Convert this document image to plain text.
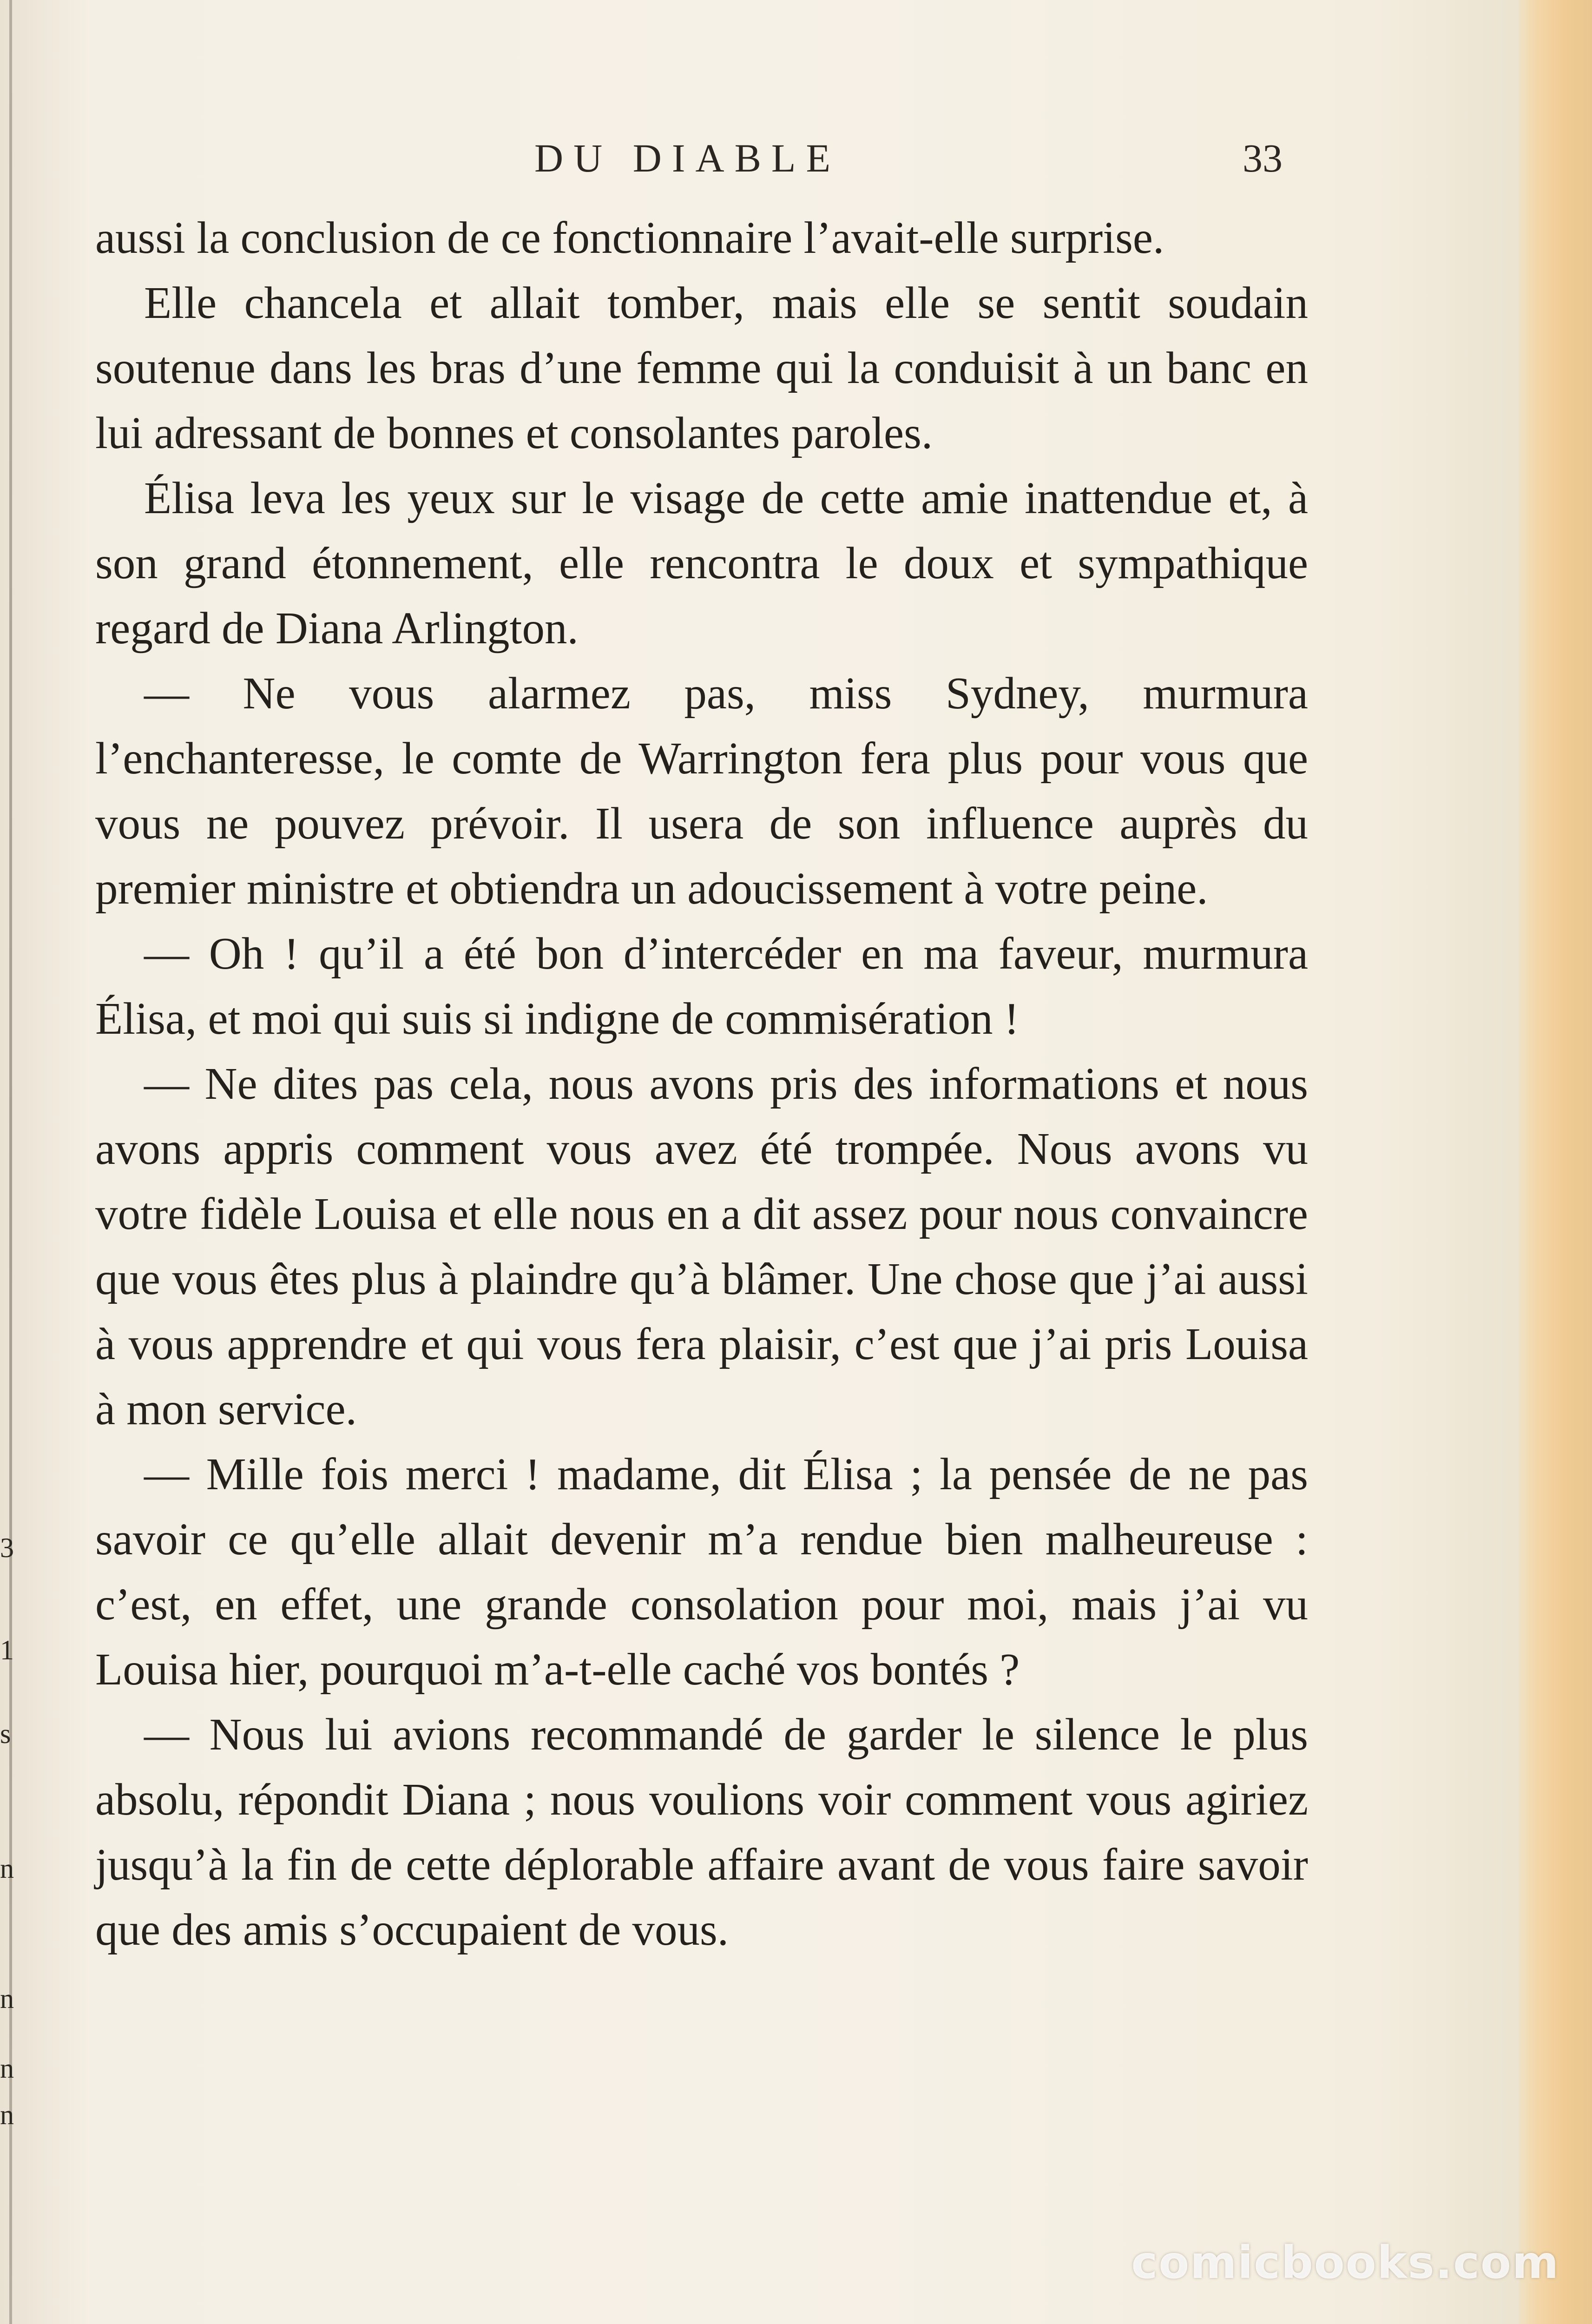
3
1
s
n
n
n
n
DU DIABLE	33

aussi la conclusion de ce fonctionnaire l’avait-elle surprise.

Elle chancela et allait tomber, mais elle se sentit soudain soutenue dans les bras d’une femme qui la conduisit à un banc en lui adressant de bonnes et consolantes paroles.

Élisa leva les yeux sur le visage de cette amie inattendue et, à son grand étonnement, elle rencontra le doux et sympathique regard de Diana Arlington.

— Ne vous alarmez pas, miss Sydney, murmura l’enchanteresse, le comte de Warrington fera plus pour vous que vous ne pouvez prévoir. Il usera de son influence auprès du premier ministre et obtiendra un adoucissement à votre peine.

— Oh ! qu’il a été bon d’intercéder en ma faveur, murmura Élisa, et moi qui suis si indigne de commisération !

— Ne dites pas cela, nous avons pris des informations et nous avons appris comment vous avez été trompée. Nous avons vu votre fidèle Louisa et elle nous en a dit assez pour nous convaincre que vous êtes plus à plaindre qu’à blâmer. Une chose que j’ai aussi à vous apprendre et qui vous fera plaisir, c’est que j’ai pris Louisa à mon service.

— Mille fois merci ! madame, dit Élisa ; la pensée de ne pas savoir ce qu’elle allait devenir m’a rendue bien malheureuse : c’est, en effet, une grande consolation pour moi, mais j’ai vu Louisa hier, pourquoi m’a-t-elle caché vos bontés ?

— Nous lui avions recommandé de garder le silence le plus absolu, répondit Diana ; nous voulions voir comment vous agiriez jusqu’à la fin de cette déplorable affaire avant de vous faire savoir que des amis s’occupaient de vous.

comicbooks.com
